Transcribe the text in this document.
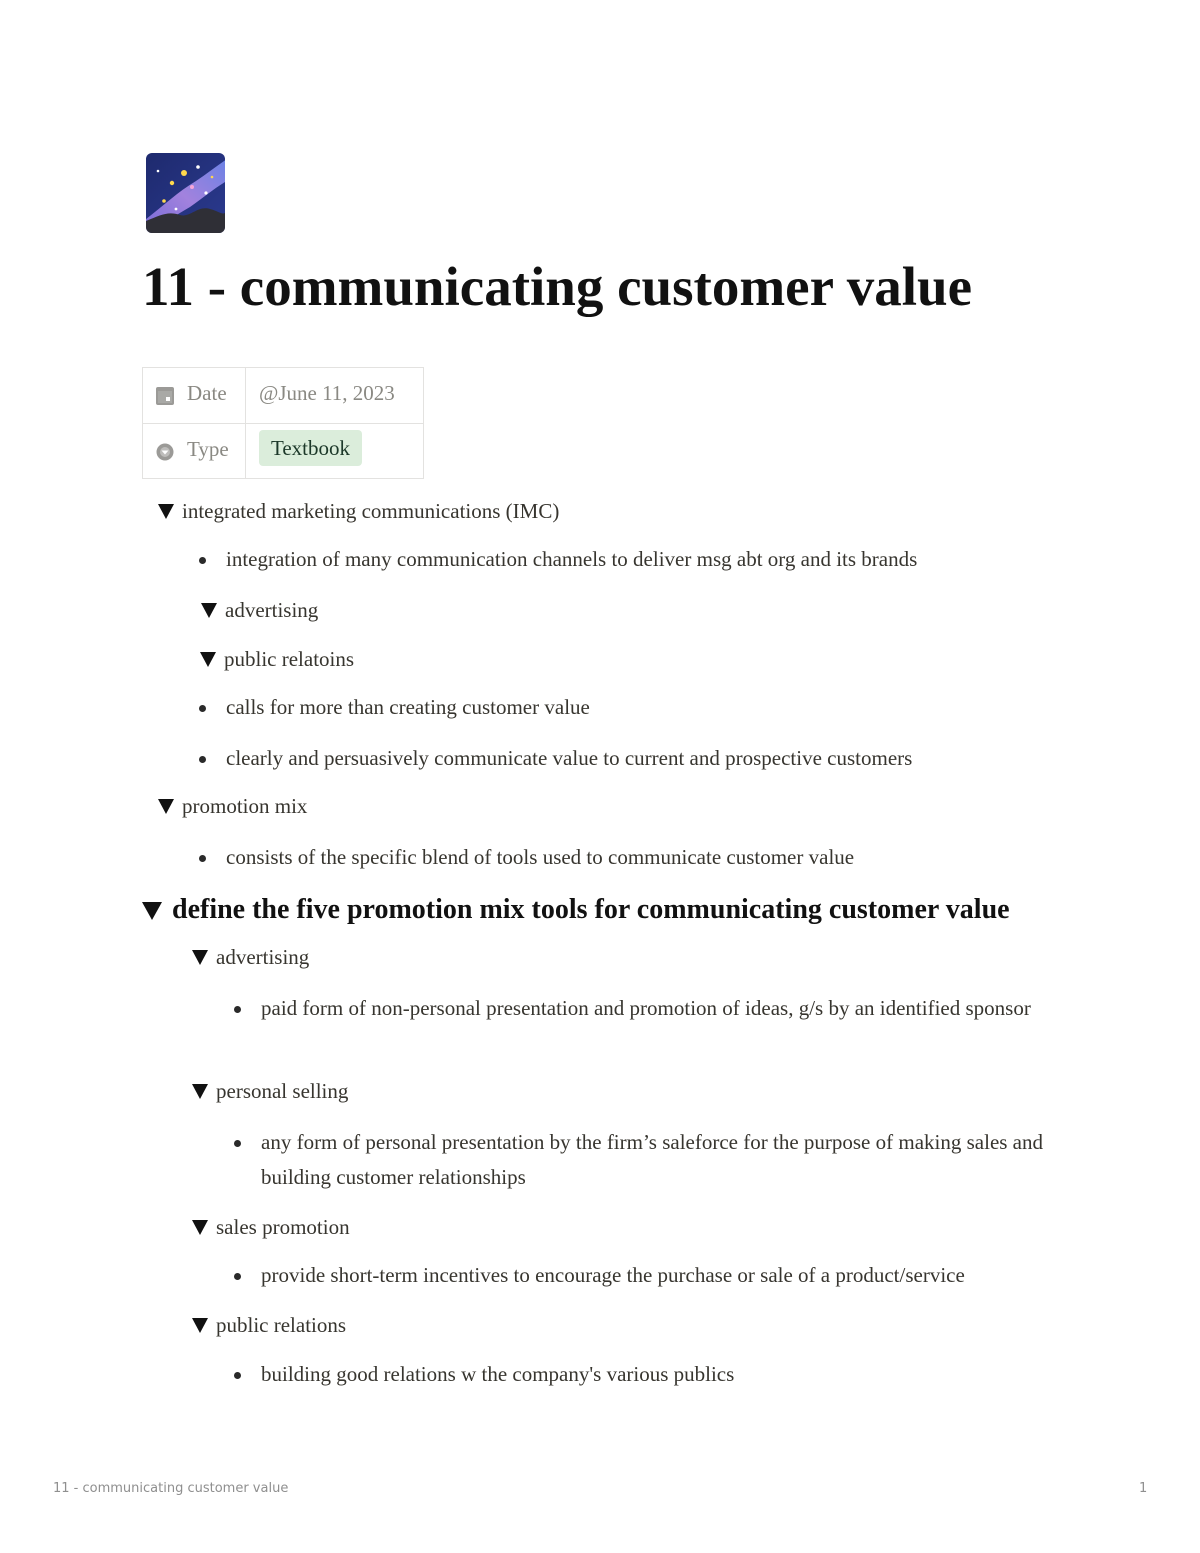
11 - communicating customer value
Date @June 11, 2023
Type	Textbook
integrated marketing communications (IMC)
integration of many communication channels to deliver msg abt org and its brands
advertising
public relatoins
calls for more than creating customer value
clearly and persuasively communicate value to current and prospective customers
promotion mix
consists of the specific blend of tools used to communicate customer value
define the five promotion mix tools for communicating customer value
advertising
paid form of non-personal presentation and promotion of ideas, g/s by an identified sponsor
personal selling
any form of personal presentation by the firm’s saleforce for the purpose of making sales and building customer relationships
sales promotion
provide short-term incentives to encourage the purchase or sale of a product/service
public relations
building good relations w the company's various publics
11 - communicating customer value	1
